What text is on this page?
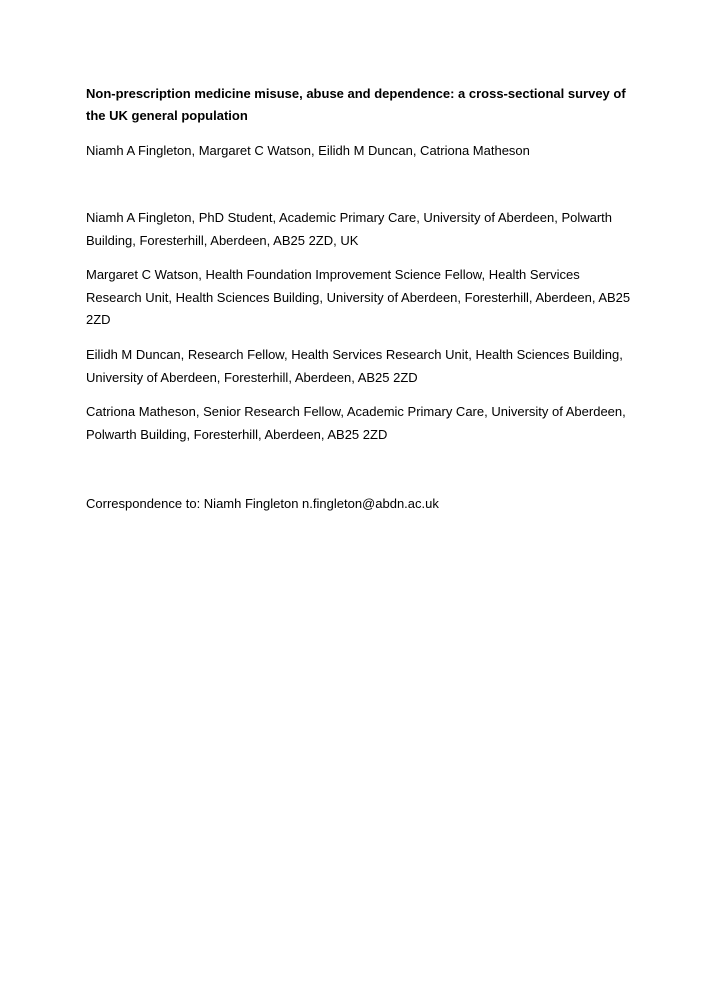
Non-prescription medicine misuse, abuse and dependence: a cross-sectional survey of the UK general population

Niamh A Fingleton, Margaret C Watson, Eilidh M Duncan, Catriona Matheson

Niamh A Fingleton, PhD Student, Academic Primary Care, University of Aberdeen, Polwarth Building, Foresterhill, Aberdeen, AB25 2ZD, UK

Margaret C Watson, Health Foundation Improvement Science Fellow, Health Services Research Unit, Health Sciences Building, University of Aberdeen, Foresterhill, Aberdeen, AB25 2ZD

Eilidh M Duncan, Research Fellow, Health Services Research Unit, Health Sciences Building, University of Aberdeen, Foresterhill, Aberdeen, AB25 2ZD

Catriona Matheson, Senior Research Fellow, Academic Primary Care, University of Aberdeen, Polwarth Building, Foresterhill, Aberdeen, AB25 2ZD

Correspondence to: Niamh Fingleton n.fingleton@abdn.ac.uk
